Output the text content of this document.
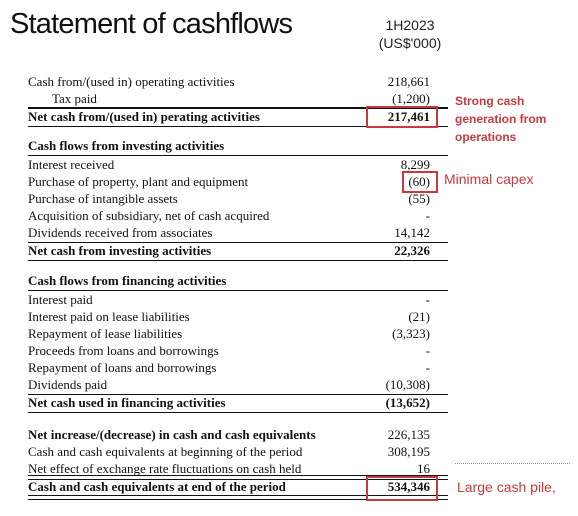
Statement of cashflows	1H2023
(US$'000)
Cash from/(used in) operating activities	218,661
Tax paid	(1,200)
Net cash from/(used in) perating activities	217,461
Cash flows from investing activities
Interest received	8,299
Purchase of property, plant and equipment	(60)
Purchase of intangible assets	(55)
Acquisition of subsidiary, net of cash acquired	-
Dividends received from associates	14,142
Net cash from investing activities	22,326
Cash flows from financing activities
Interest paid	-
Interest paid on lease liabilities	(21)
Repayment of lease liabilities	(3,323)
Proceeds from loans and borrowings	-
Repayment of loans and borrowings	-
Dividends paid	(10,308)
Net cash used in financing activities	(13,652)
Net increase/(decrease) in cash and cash equivalents	226,135
Cash and cash equivalents at beginning of the period	308,195
Net effect of exchange rate fluctuations on cash held	16
Cash and cash equivalents at end of the period	534,346
Strong cash
generation from
operations
Minimal capex
Large cash pile,
